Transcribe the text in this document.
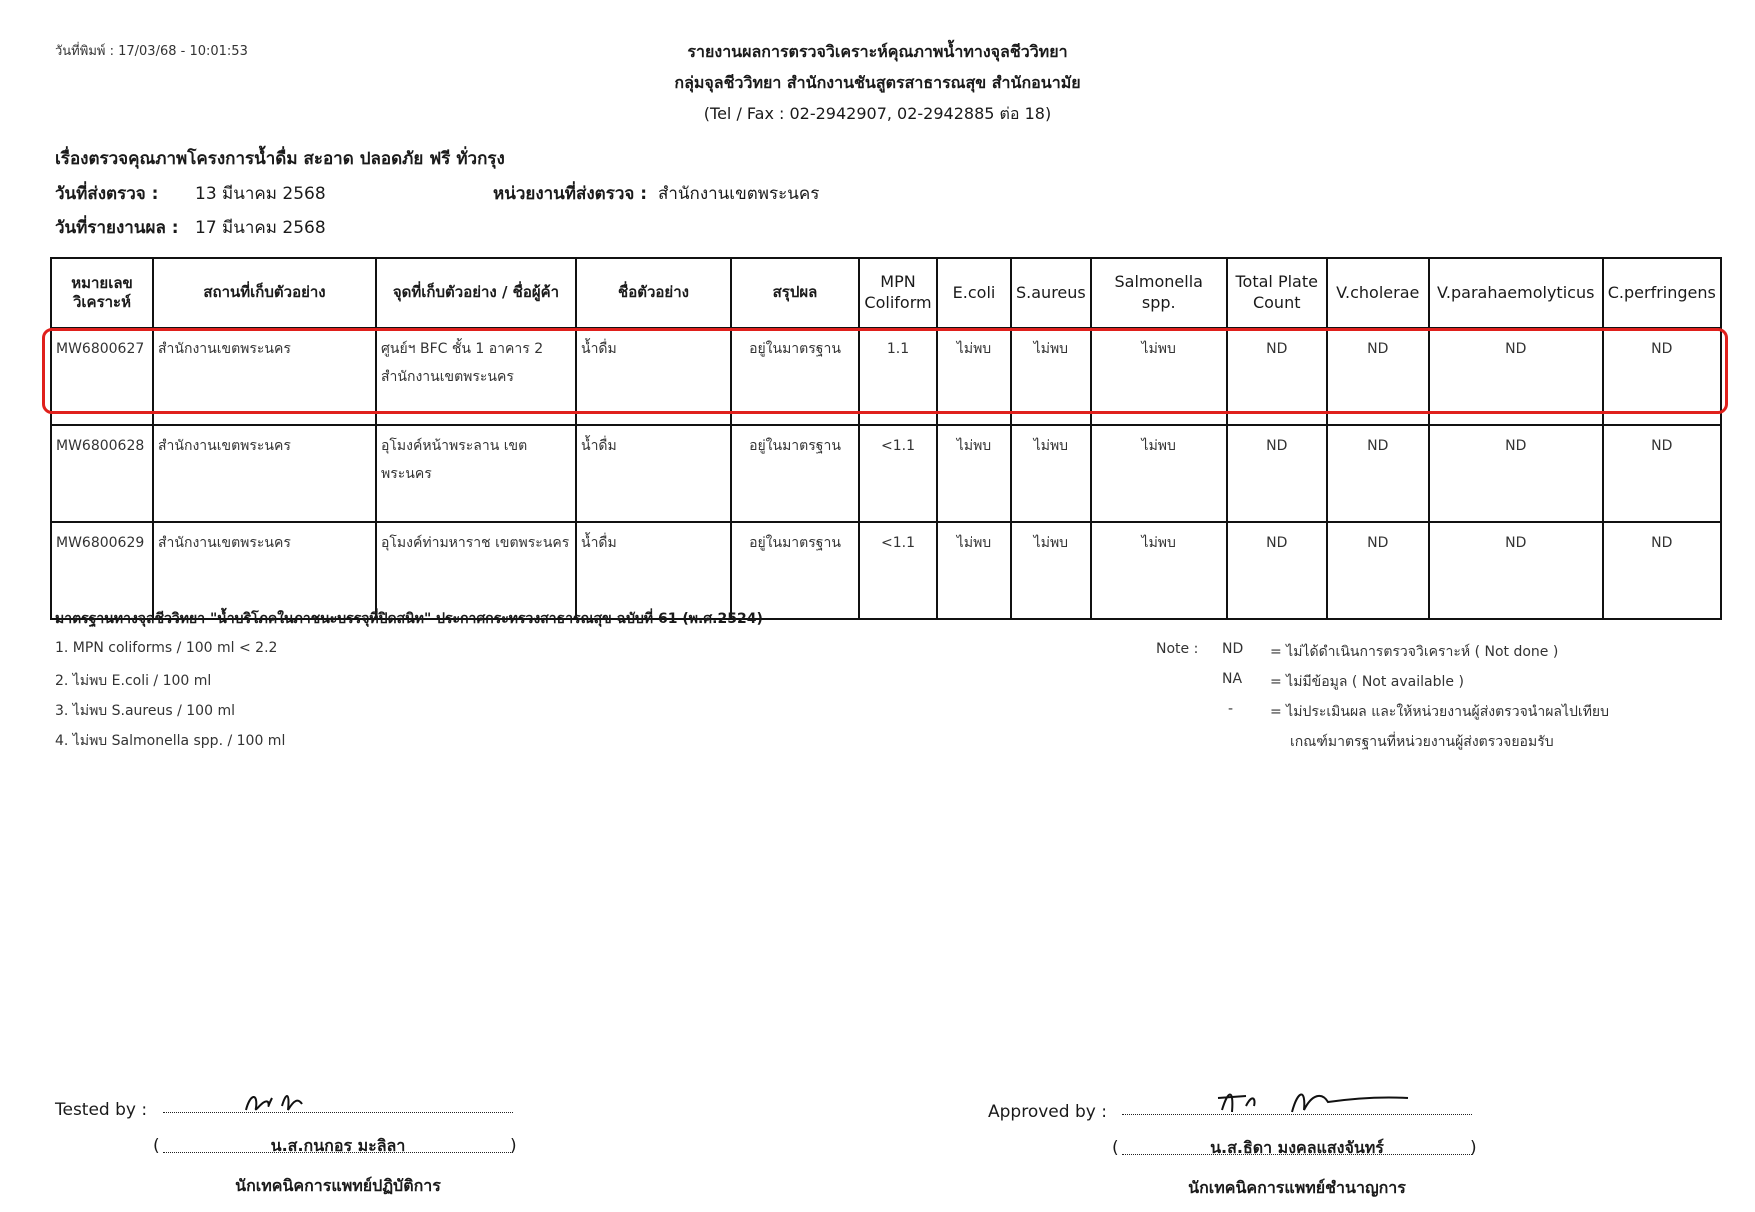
วันที่พิมพ์ : 17/03/68 - 10:01:53	รายงานผลการตรวจวิเคราะห์คุณภาพน้ำทางจุลชีววิทยา
กลุ่มจุลชีววิทยา สำนักงานชันสูตรสาธารณสุข สำนักอนามัย
(Tel / Fax : 02-2942907, 02-2942885 ต่อ 18)
เรื่องตรวจคุณภาพโครงการน้ำดื่ม สะอาด ปลอดภัย ฟรี ทั่วกรุง
วันที่ส่งตรวจ : 13 มีนาคม 2568	หน่วยงานที่ส่งตรวจ : สำนักงานเขตพระนคร
วันที่รายงานผล : 17 มีนาคม 2568
หมายเลข วิเคราะห์	สถานที่เก็บตัวอย่าง	จุดที่เก็บตัวอย่าง / ชื่อผู้ค้า	ชื่อตัวอย่าง	สรุปผล	MPN Coliform	E.coli	S.aureus	Salmonella spp.	Total Plate Count	V.cholerae	V.parahaemolyticus	C.perfringens
MW6800627	สำนักงานเขตพระนคร	ศูนย์ฯ BFC ชั้น 1 อาคาร 2 สำนักงานเขตพระนคร	น้ำดื่ม	อยู่ในมาตรฐาน	1.1	ไม่พบ	ไม่พบ	ไม่พบ	ND	ND	ND	ND
MW6800628	สำนักงานเขตพระนคร	อุโมงค์หน้าพระลาน เขตพระนคร	น้ำดื่ม	อยู่ในมาตรฐาน	<1.1	ไม่พบ	ไม่พบ	ไม่พบ	ND	ND	ND	ND
MW6800629	สำนักงานเขตพระนคร	อุโมงค์ท่ามหาราช เขตพระนคร	น้ำดื่ม	อยู่ในมาตรฐาน	<1.1	ไม่พบ	ไม่พบ	ไม่พบ	ND	ND	ND	ND
มาตรฐานทางจุลชีววิทยา "น้ำบริโภคในภาชนะบรรจุที่ปิดสนิท" ประกาศกระทรวงสาธารณสุข ฉบับที่ 61 (พ.ศ.2524)
1. MPN coliforms / 100 ml < 2.2
2. ไม่พบ E.coli / 100 ml
3. ไม่พบ S.aureus / 100 ml
4. ไม่พบ Salmonella spp. / 100 ml
Note : ND = ไม่ได้ดำเนินการตรวจวิเคราะห์ ( Not done )
NA = ไม่มีข้อมูล ( Not available )
-	= ไม่ประเมินผล และให้หน่วยงานผู้ส่งตรวจนำผลไปเทียบ
เกณฑ์มาตรฐานที่หน่วยงานผู้ส่งตรวจยอมรับ
Tested by :
(	น.ส.กนกอร มะลิลา	)
นักเทคนิคการแพทย์ปฏิบัติการ
Approved by :
(	น.ส.ธิดา มงคลแสงจันทร์	)
นักเทคนิคการแพทย์ชำนาญการ
